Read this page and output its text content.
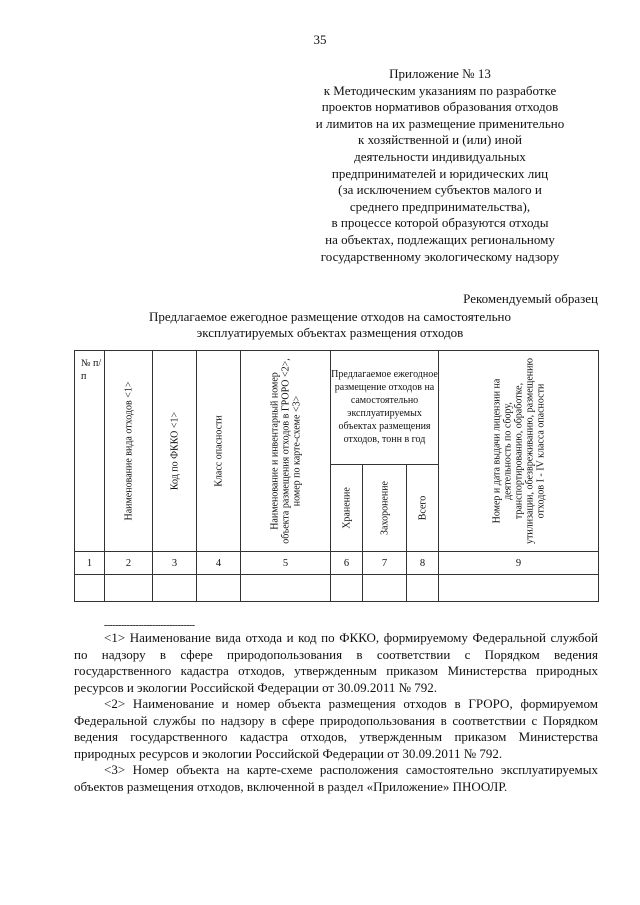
35
Приложение № 13
к Методическим указаниям по разработке
проектов нормативов образования отходов
и лимитов на их размещение применительно
к хозяйственной и (или) иной
деятельности индивидуальных
предпринимателей и юридических лиц
(за исключением субъектов малого и
среднего предпринимательства),
в процессе которой образуются отходы
на объектах, подлежащих региональному
государственному экологическому надзору
Рекомендуемый образец
Предлагаемое ежегодное размещение отходов на самостоятельно
эксплуатируемых объектах размещения отходов
№ п/п	Наименование вида отходов <1>	Код по ФККО <1>	Класс опасности	Наименование и инвентарный номер объекта размещения отходов в ГРОРО <2>, номер по карте-схеме <3>	Предлагаемое ежегодное размещение отходов на самостоятельно эксплуатируемых объектах размещения отходов, тонн в год			Номер и дата выдачи лицензии на деятельность по сбору, транспортированию, обработке, утилизации, обезвреживанию, размещению отходов I - IV класса опасности

					Хранение	Захоронение	Всего	

1	2	3	4	5	6	7	8	9

--------------------------------

<1> Наименование вида отхода и код по ФККО, формируемому Федеральной службой по надзору в сфере природопользования в соответствии с Порядком ведения государственного кадастра отходов, утвержденным приказом Министерства природных ресурсов и экологии Российской Федерации от 30.09.2011 № 792.

<2> Наименование и номер объекта размещения отходов в ГРОРО, формируемом Федеральной службы по надзору в сфере природопользования в соответствии с Порядком ведения государственного кадастра отходов, утвержденным приказом Министерства природных ресурсов и экологии Российской Федерации от 30.09.2011 № 792.

<3> Номер объекта на карте-схеме расположения самостоятельно эксплуатируемых объектов размещения отходов, включенной в раздел «Приложение» ПНООЛР.
